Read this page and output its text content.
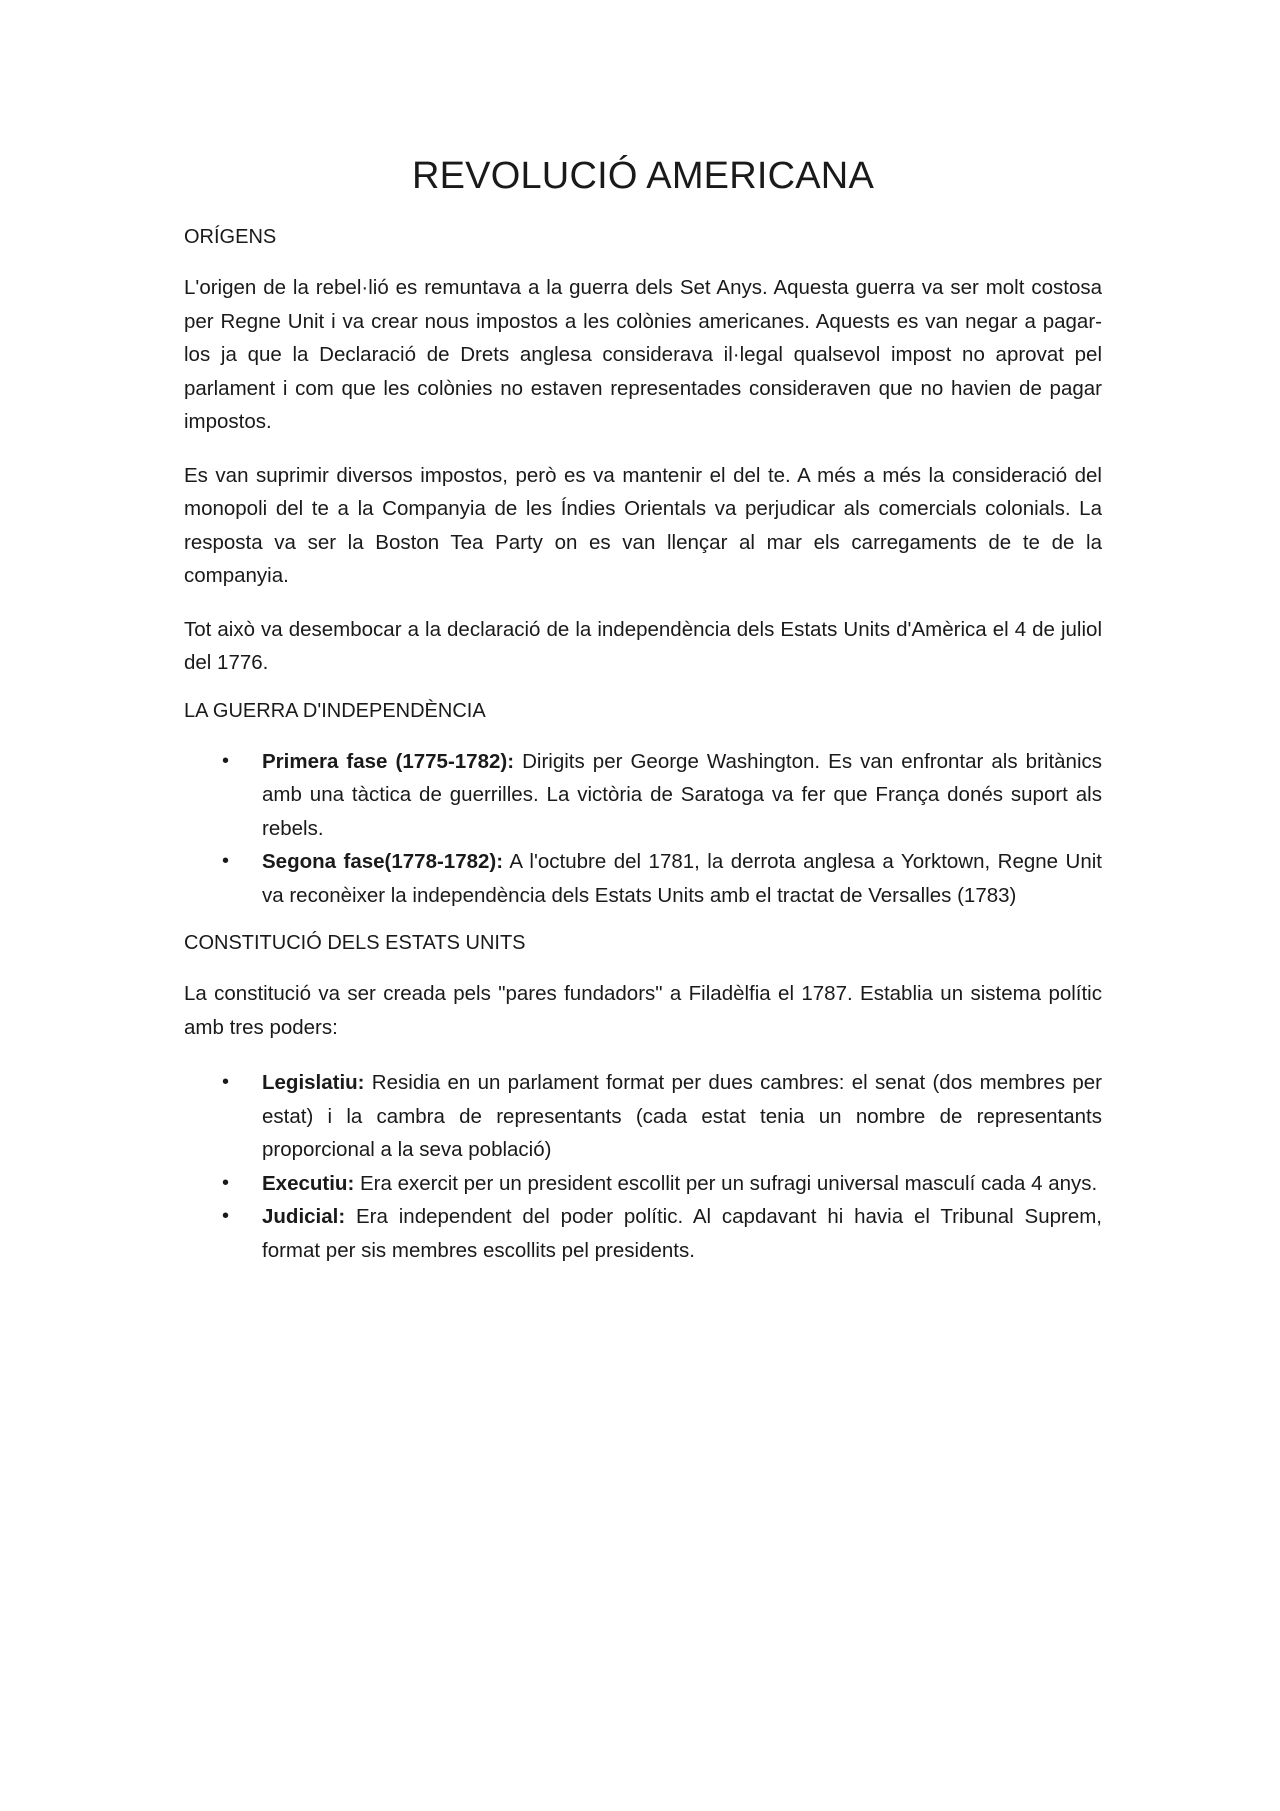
REVOLUCIÓ AMERICANA
ORÍGENS

L'origen de la rebel·lió es remuntava a la guerra dels Set Anys. Aquesta guerra va ser molt costosa per Regne Unit i va crear nous impostos a les colònies americanes. Aquests es van negar a pagar-los ja que la Declaració de Drets anglesa considerava il·legal qualsevol impost no aprovat pel parlament i com que les colònies no estaven representades consideraven que no havien de pagar impostos.

Es van suprimir diversos impostos, però es va mantenir el del te. A més a més la consideració del monopoli del te a la Companyia de les Índies Orientals va perjudicar als comercials colonials. La resposta va ser la Boston Tea Party on es van llençar al mar els carregaments de te de la companyia.

Tot això va desembocar a la declaració de la independència dels Estats Units d'Amèrica el 4 de juliol del 1776.

LA GUERRA D'INDEPENDÈNCIA
• Primera fase (1775-1782): Dirigits per George Washington. Es van enfrontar als britànics amb una tàctica de guerrilles. La victòria de Saratoga va fer que França donés suport als rebels.
• Segona fase(1778-1782): A l'octubre del 1781, la derrota anglesa a Yorktown, Regne Unit va reconèixer la independència dels Estats Units amb el tractat de Versalles (1783)
CONSTITUCIÓ DELS ESTATS UNITS

La constitució va ser creada pels "pares fundadors" a Filadèlfia el 1787. Establia un sistema polític amb tres poders:

• Legislatiu: Residia en un parlament format per dues cambres: el senat (dos membres per estat) i la cambra de representants (cada estat tenia un nombre de representants proporcional a la seva població)
• Executiu: Era exercit per un president escollit per un sufragi universal masculí cada 4 anys.
• Judicial: Era independent del poder polític. Al capdavant hi havia el Tribunal Suprem, format per sis membres escollits pel presidents.
